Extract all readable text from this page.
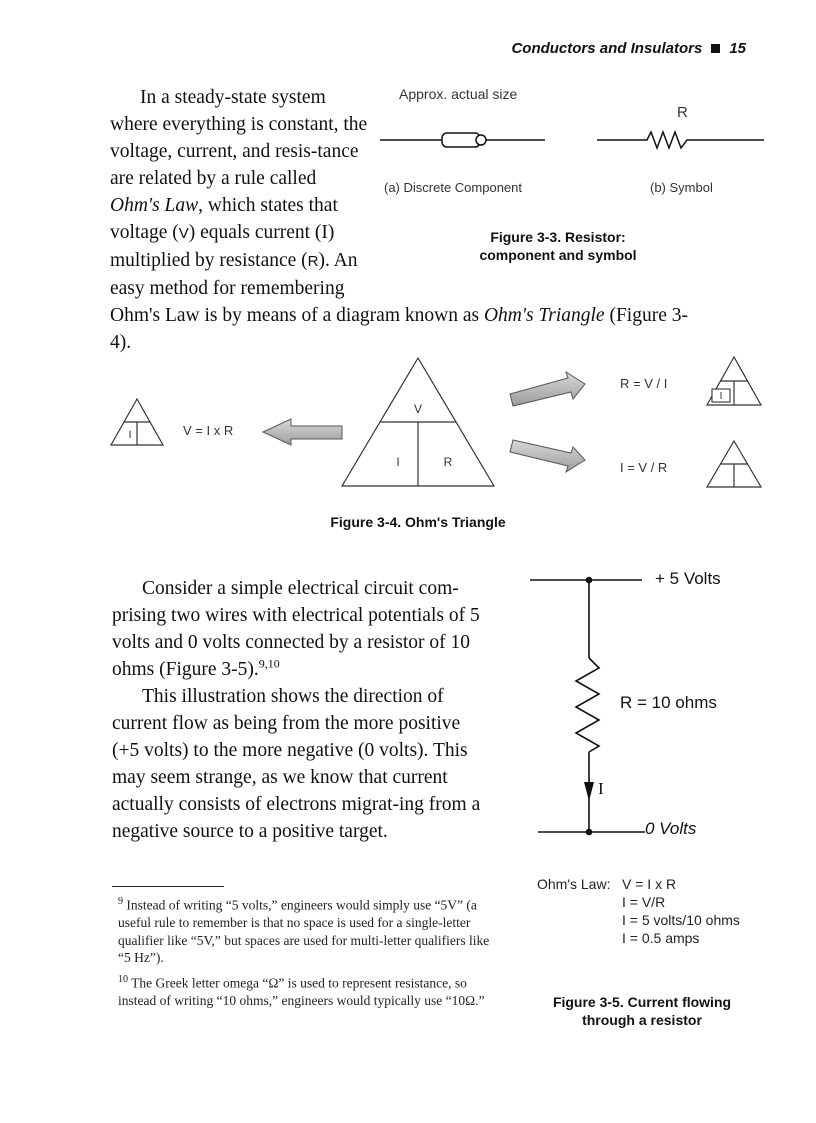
Conductors and Insulators 15

In a steady-state system where everything is constant, the voltage, current, and resis-tance are related by a rule called Ohm's Law, which states that voltage (V) equals current (I) multiplied by resistance (R). An easy method for remembering Ohm's Law is by means of a diagram known as Ohm's Triangle (Figure 3-4).

Approx. actual size
R
(a) Discrete Component	(b) Symbol
Figure 3-3. Resistor:
component and symbol
V
I	R
I	V = I x R
R = V / I
I = V / R
I
Figure 3-4. Ohm's Triangle

Consider a simple electrical circuit com-prising two wires with electrical potentials of 5 volts and 0 volts connected by a resistor of 10 ohms (Figure 3-5).$^{9,10}$

This illustration shows the direction of current flow as being from the more positive (+5 volts) to the more negative (0 volts). This may seem strange, as we know that current actually consists of electrons migrat-ing from a negative source to a positive target.

+ 5 Volts
R = 10 ohms
I
0 Volts
Ohm's Law: V = I x R
I = V/R
I = 5 volts/10 ohms
I = 0.5 amps
Figure 3-5. Current flowing
through a resistor

$^9$ Instead of writing “5 volts,” engineers would simply use “5V” (a useful rule to remember is that no space is used for a single-letter qualifier like “5V,” but spaces are used for multi-letter qualifiers like “5 Hz”).

$^{10}$ The Greek letter omega “Ω” is used to represent resistance, so instead of writing “10 ohms,” engineers would typically use “10Ω.”
